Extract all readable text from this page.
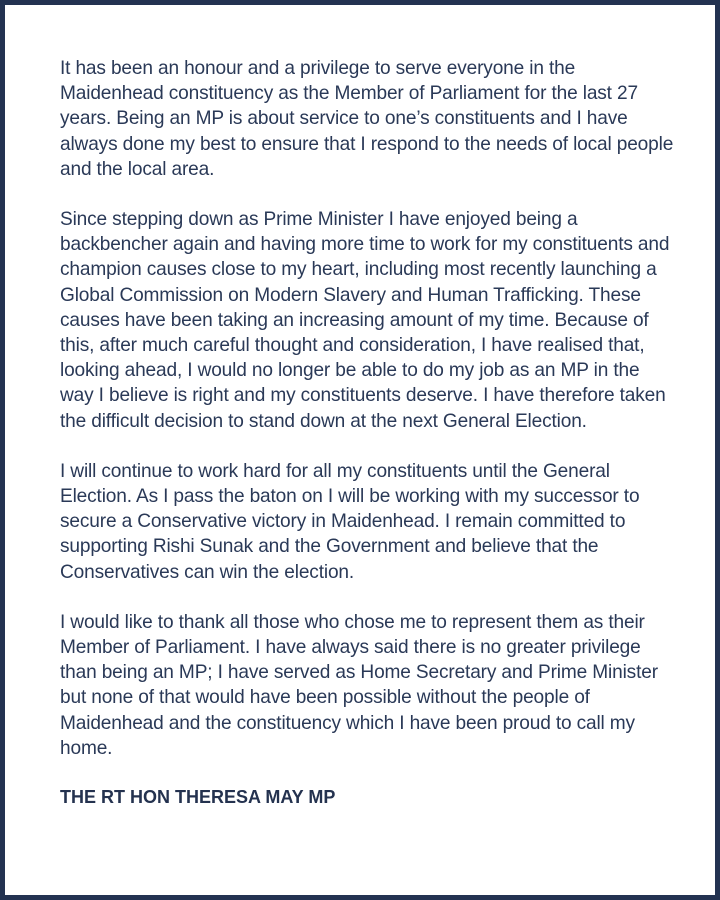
It has been an honour and a privilege to serve everyone in the Maidenhead constituency as the Member of Parliament for the last 27 years. Being an MP is about service to one’s constituents and I have always done my best to ensure that I respond to the needs of local people and the local area.

Since stepping down as Prime Minister I have enjoyed being a backbencher again and having more time to work for my constituents and champion causes close to my heart, including most recently launching a Global Commission on Modern Slavery and Human Trafficking. These causes have been taking an increasing amount of my time. Because of this, after much careful thought and consideration, I have realised that, looking ahead, I would no longer be able to do my job as an MP in the way I believe is right and my constituents deserve. I have therefore taken the difficult decision to stand down at the next General Election.

I will continue to work hard for all my constituents until the General Election. As I pass the baton on I will be working with my successor to secure a Conservative victory in Maidenhead. I remain committed to supporting Rishi Sunak and the Government and believe that the Conservatives can win the election.

I would like to thank all those who chose me to represent them as their Member of Parliament. I have always said there is no greater privilege than being an MP; I have served as Home Secretary and Prime Minister but none of that would have been possible without the people of Maidenhead and the constituency which I have been proud to call my home.

THE RT HON THERESA MAY MP
